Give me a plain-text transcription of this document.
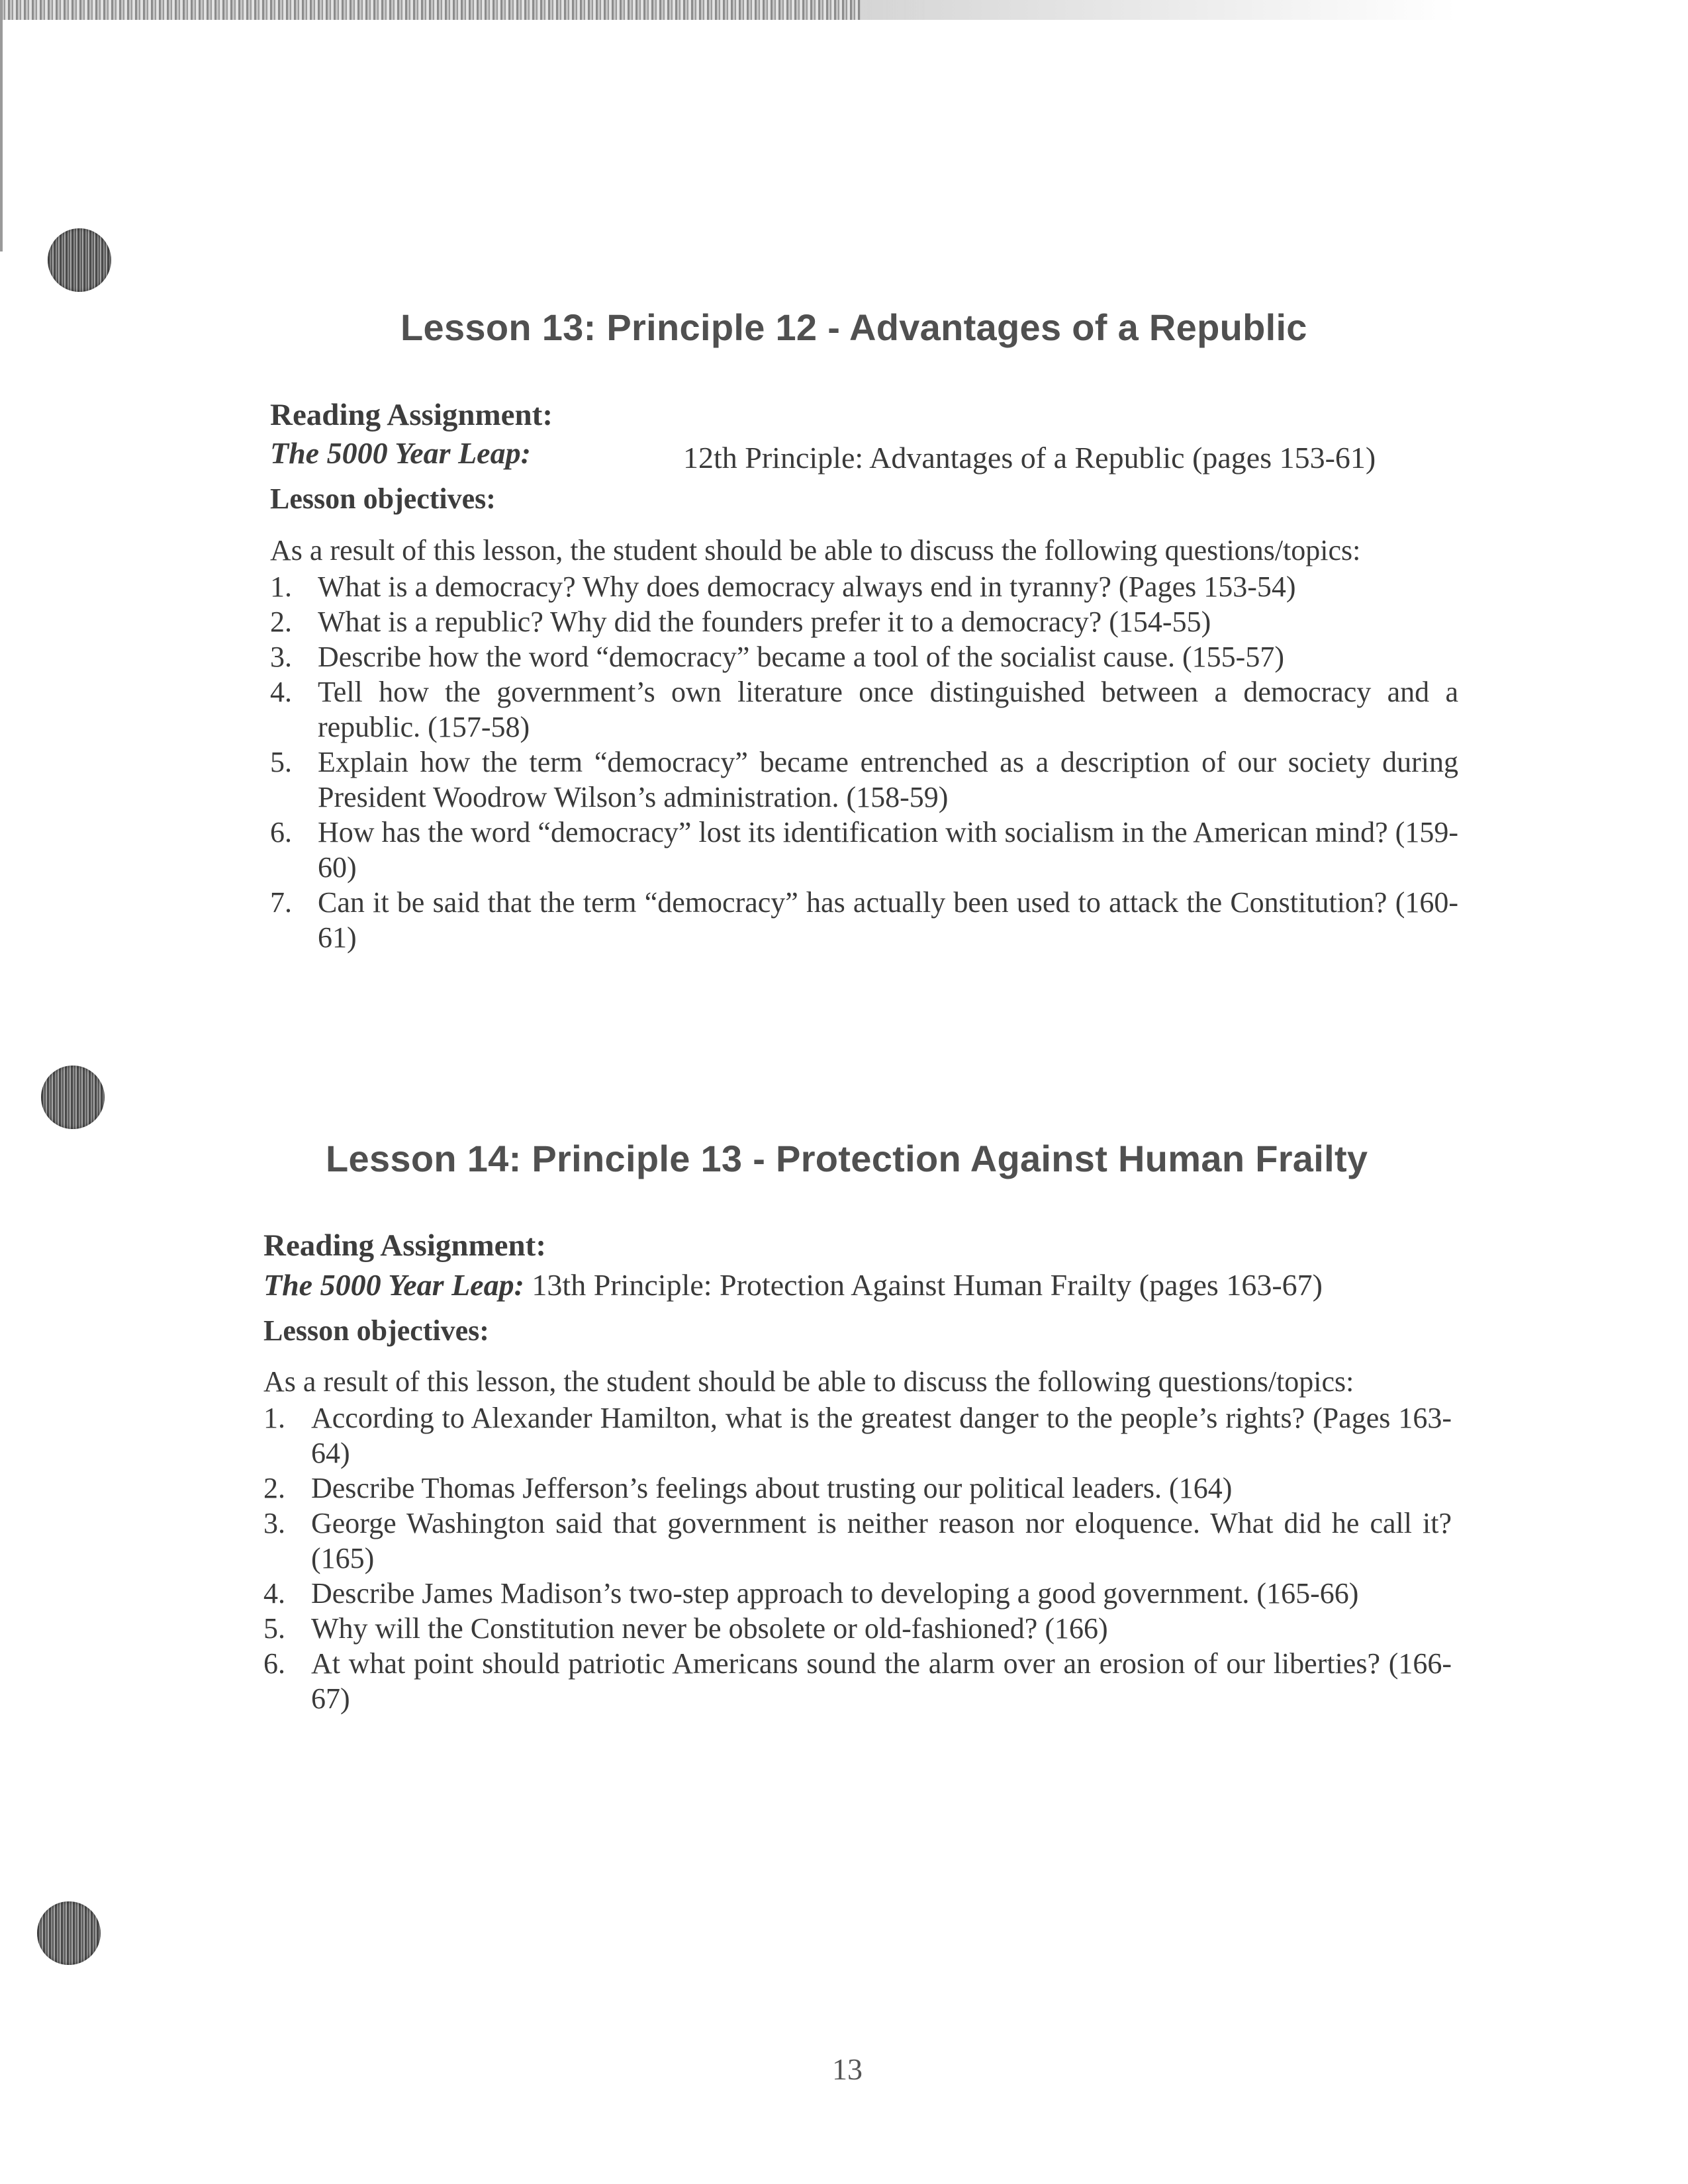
Lesson 13: Principle 12 - Advantages of a Republic
Reading Assignment:
The 5000 Year Leap:	12th Principle: Advantages of a Republic (pages 153-61)
Lesson objectives:
As a result of this lesson, the student should be able to discuss the following questions/topics:
1. What is a democracy? Why does democracy always end in tyranny? (Pages 153-54)
2. What is a republic? Why did the founders prefer it to a democracy? (154-55)
3. Describe how the word “democracy” became a tool of the socialist cause. (155-57)
4. Tell how the government’s own literature once distinguished between a democracy and a republic. (157-58)
5. Explain how the term “democracy” became entrenched as a description of our society during President Woodrow Wilson’s administration. (158-59)
6. How has the word “democracy” lost its identification with socialism in the American mind? (159-60)
7. Can it be said that the term “democracy” has actually been used to attack the Constitution? (160-61)
Lesson 14: Principle 13 - Protection Against Human Frailty
Reading Assignment:
The 5000 Year Leap: 13th Principle: Protection Against Human Frailty (pages 163-67)
Lesson objectives:
As a result of this lesson, the student should be able to discuss the following questions/topics:
1. According to Alexander Hamilton, what is the greatest danger to the people’s rights? (Pages 163-64)
2. Describe Thomas Jefferson’s feelings about trusting our political leaders. (164)
3. George Washington said that government is neither reason nor eloquence. What did he call it? (165)
4. Describe James Madison’s two-step approach to developing a good government. (165-66)
5. Why will the Constitution never be obsolete or old-fashioned? (166)
6. At what point should patriotic Americans sound the alarm over an erosion of our liberties? (166-67)
13
